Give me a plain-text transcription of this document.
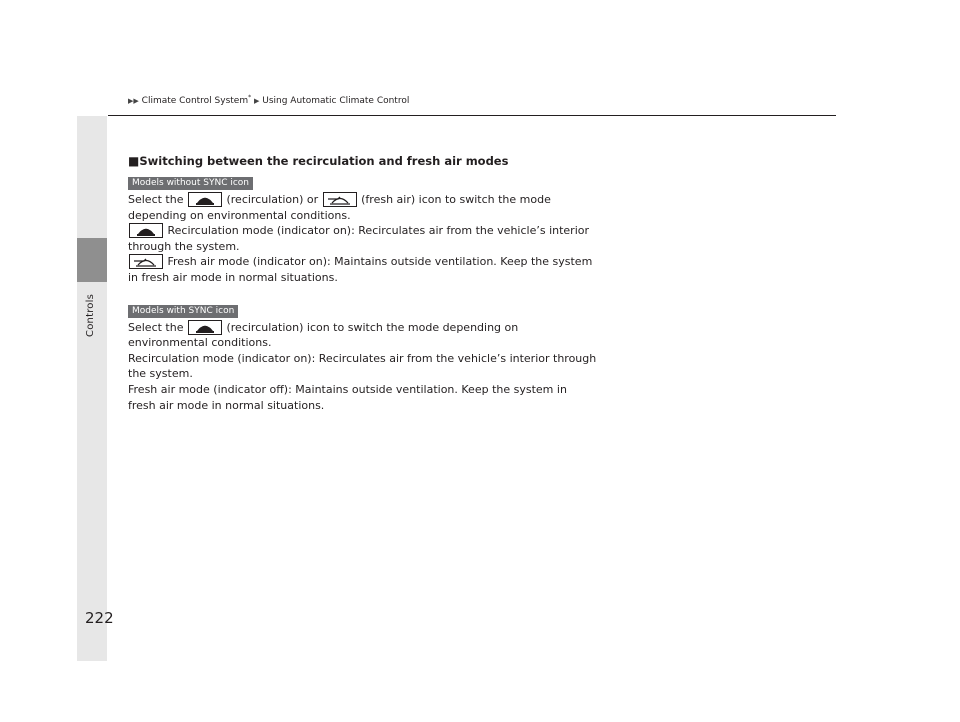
Controls
222
▶▶ Climate Control System* ▶ Using Automatic Climate Control
■Switching between the recirculation and fresh air modes
Models without SYNC icon

Select the	(recirculation) or	(fresh air) icon to switch the mode

depending on environmental conditions.

Recirculation mode (indicator on): Recirculates air from the vehicle’s interior

through the system.

Fresh air mode (indicator on): Maintains outside ventilation. Keep the system

in fresh air mode in normal situations.

Models with SYNC icon

Select the	(recirculation) icon to switch the mode depending on

environmental conditions.

Recirculation mode (indicator on): Recirculates air from the vehicle’s interior through

the system.

Fresh air mode (indicator off): Maintains outside ventilation. Keep the system in

fresh air mode in normal situations.
